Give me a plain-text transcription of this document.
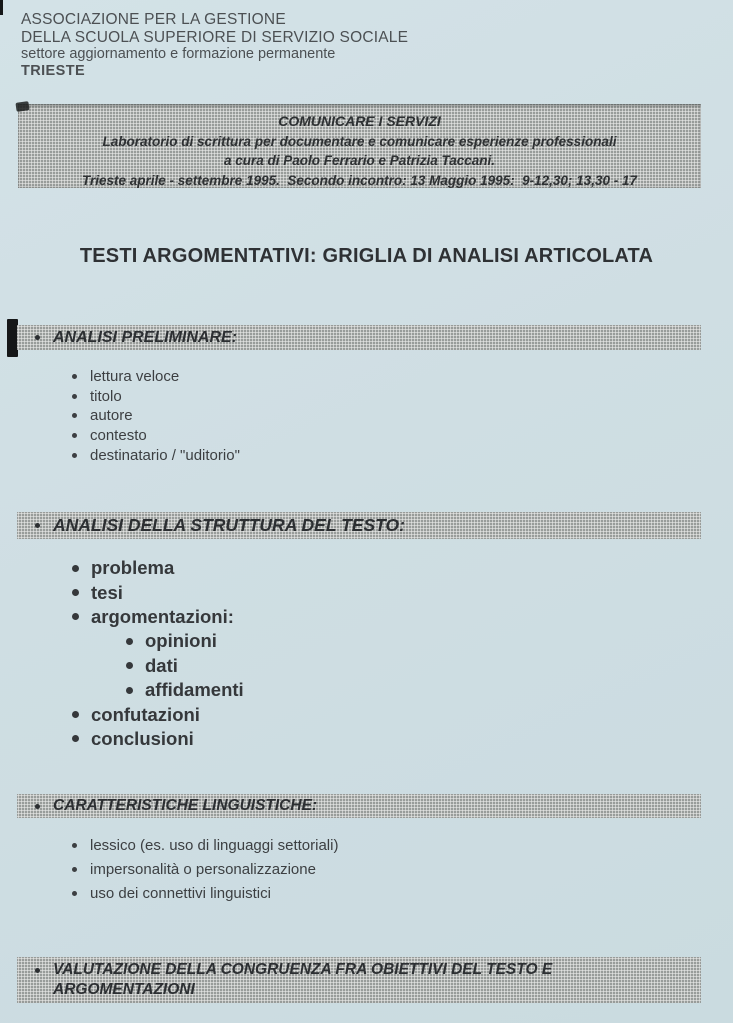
ASSOCIAZIONE PER LA GESTIONE
DELLA SCUOLA SUPERIORE DI SERVIZIO SOCIALE
settore aggiornamento e formazione permanente
TRIESTE
COMUNICARE I SERVIZI
Laboratorio di scrittura per documentare e comunicare esperienze professionali
a cura di Paolo Ferrario e Patrizia Taccani.
Trieste aprile - settembre 1995.  Secondo incontro: 13 Maggio 1995:  9-12,30; 13,30 - 17
TESTI ARGOMENTATIVI: GRIGLIA DI ANALISI ARTICOLATA
ANALISI PRELIMINARE:
lettura veloce
titolo
autore
contesto
destinatario / "uditorio"
ANALISI DELLA STRUTTURA DEL TESTO:
problema
tesi
argomentazioni:
opinioni
dati
affidamenti
confutazioni
conclusioni
CARATTERISTICHE LINGUISTICHE:
lessico (es. uso di linguaggi settoriali)
impersonalità o personalizzazione
uso dei connettivi linguistici
VALUTAZIONE DELLA CONGRUENZA FRA OBIETTIVI DEL TESTO E ARGOMENTAZIONI
